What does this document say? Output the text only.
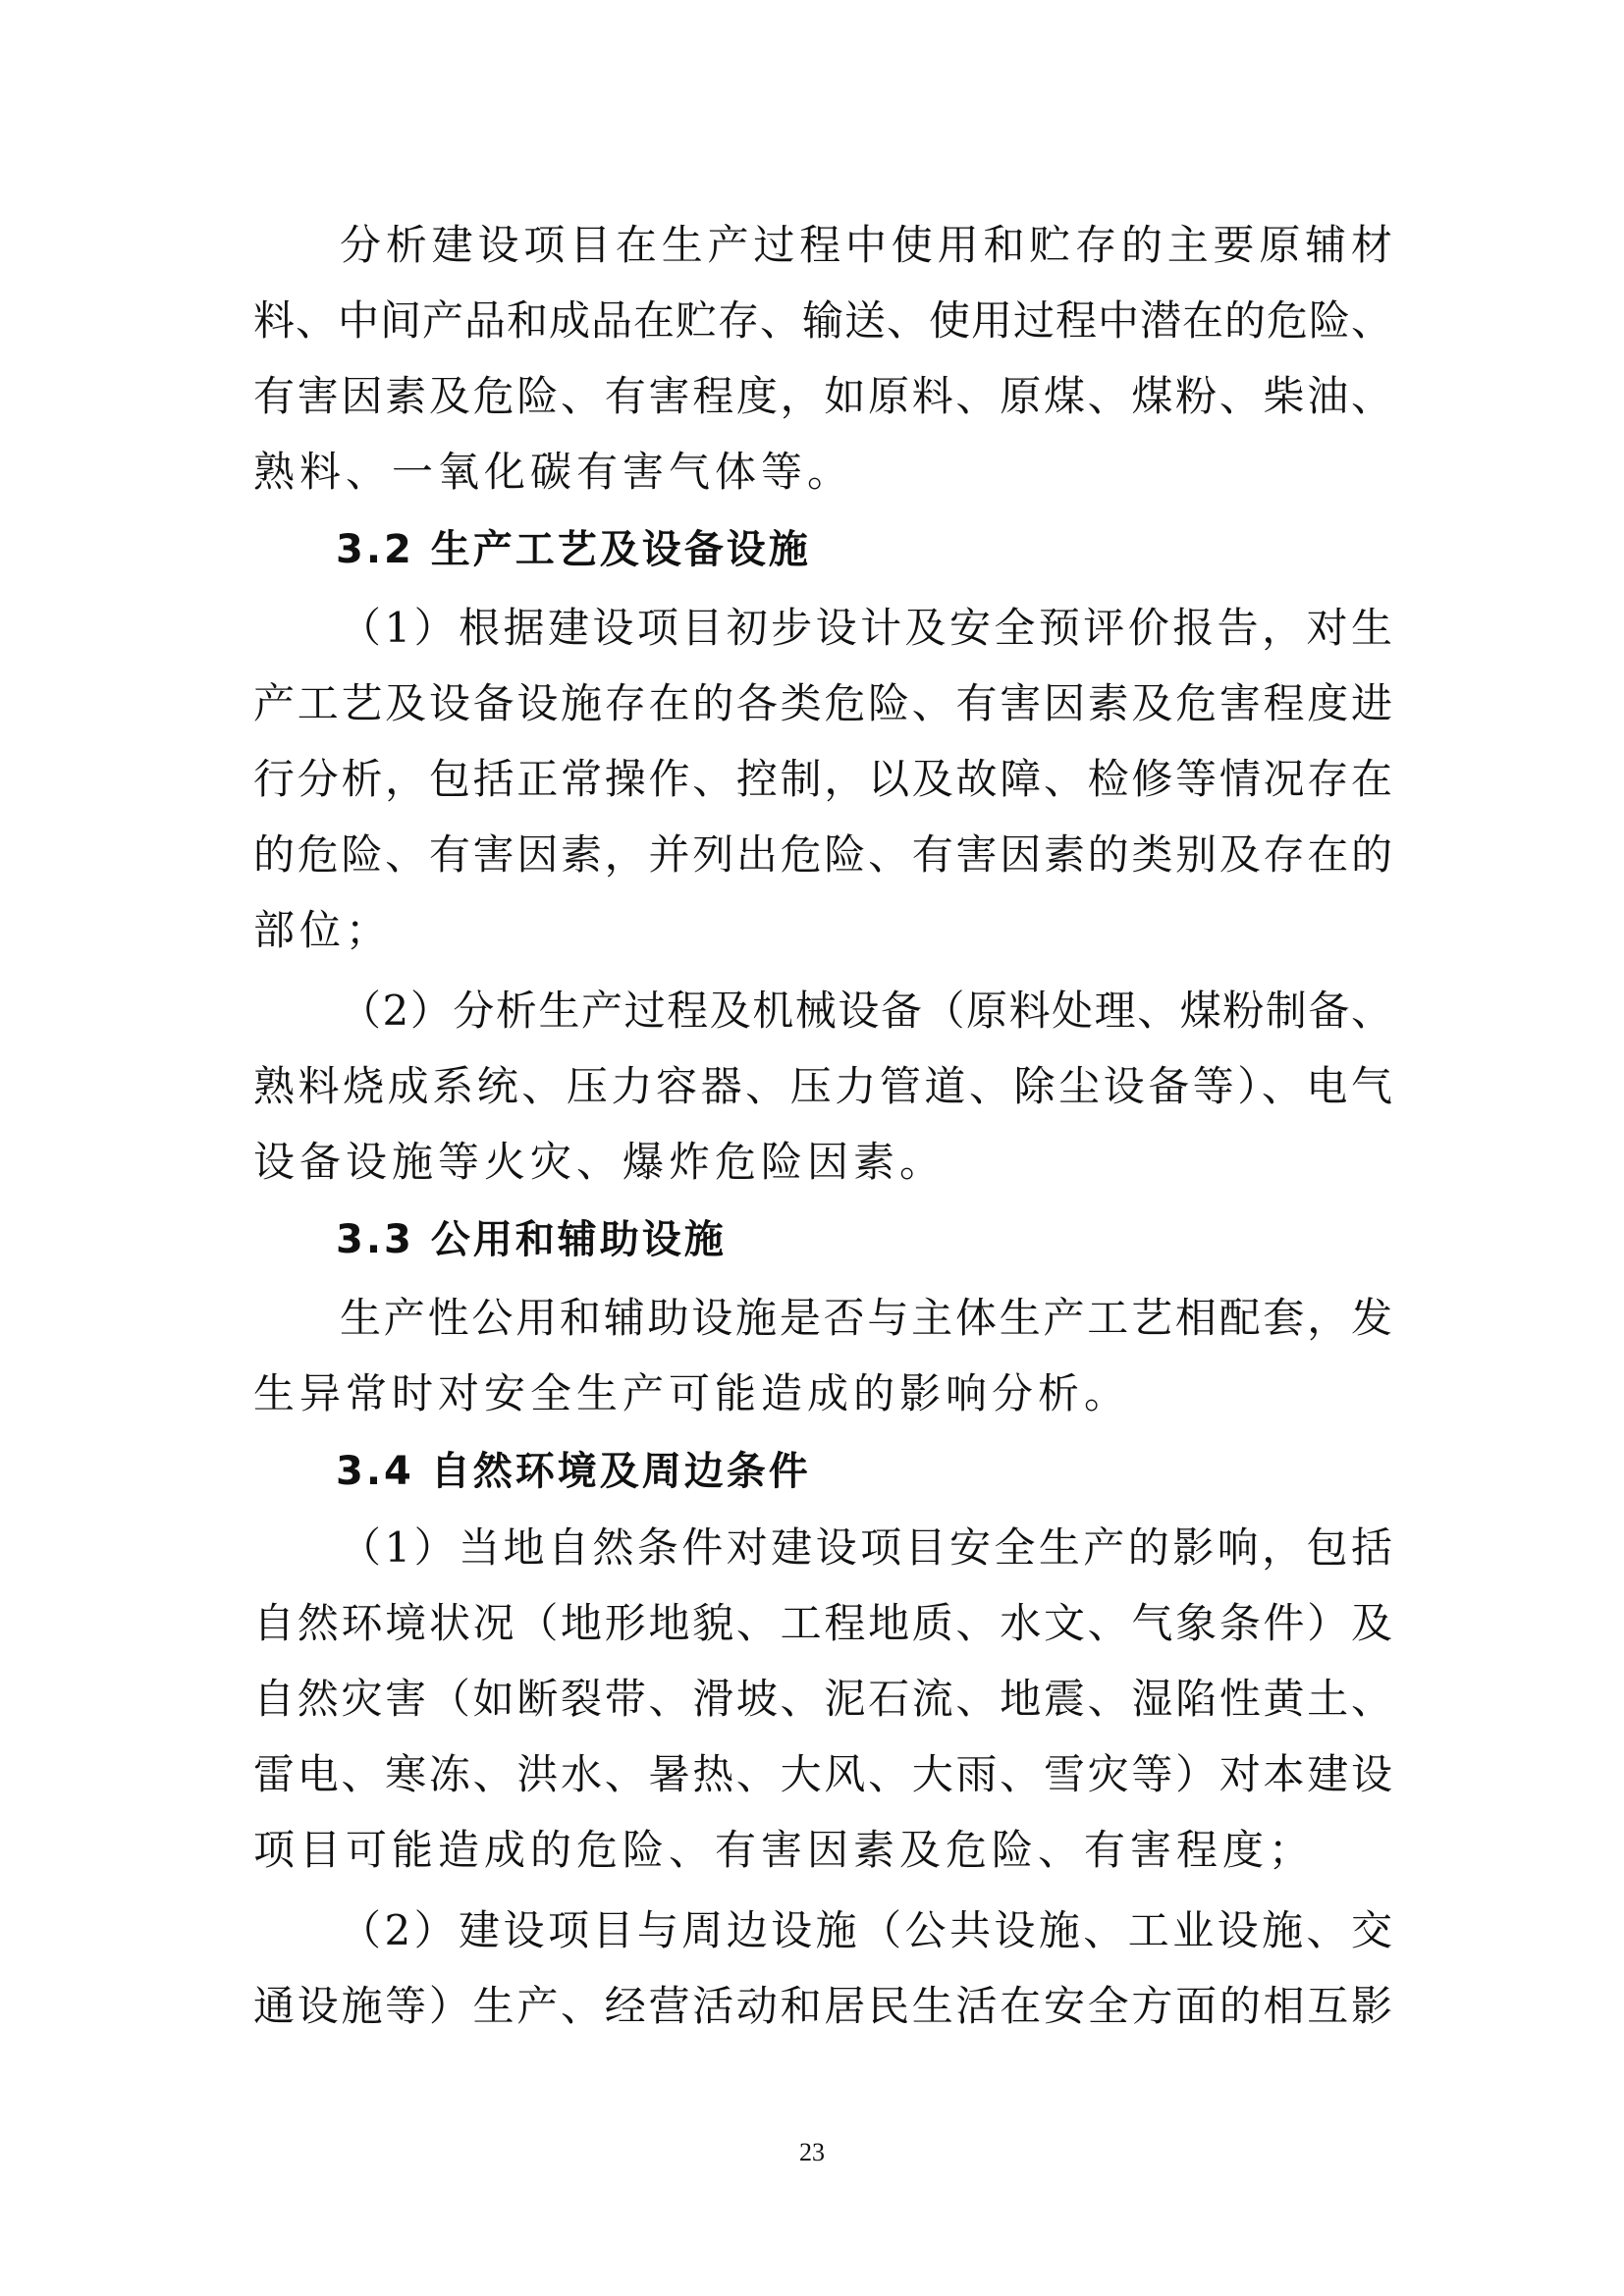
分析建设项目在生产过程中使用和贮存的主要原辅材
料、中间产品和成品在贮存、输送、使用过程中潜在的危险、
有害因素及危险、有害程度，如原料、原煤、煤粉、柴油、
熟料、一氧化碳有害气体等。
3.2 生产工艺及设备设施
（1）根据建设项目初步设计及安全预评价报告，对生
产工艺及设备设施存在的各类危险、有害因素及危害程度进
行分析，包括正常操作、控制，以及故障、检修等情况存在
的危险、有害因素，并列出危险、有害因素的类别及存在的
部位；
（2）分析生产过程及机械设备（原料处理、煤粉制备、
熟料烧成系统、压力容器、压力管道、除尘设备等）、电气
设备设施等火灾、爆炸危险因素。
3.3 公用和辅助设施
生产性公用和辅助设施是否与主体生产工艺相配套，发
生异常时对安全生产可能造成的影响分析。
3.4 自然环境及周边条件
（1）当地自然条件对建设项目安全生产的影响，包括
自然环境状况（地形地貌、工程地质、水文、气象条件）及
自然灾害（如断裂带、滑坡、泥石流、地震、湿陷性黄土、
雷电、寒冻、洪水、暑热、大风、大雨、雪灾等）对本建设
项目可能造成的危险、有害因素及危险、有害程度；
（2）建设项目与周边设施（公共设施、工业设施、交
通设施等）生产、经营活动和居民生活在安全方面的相互影
23
